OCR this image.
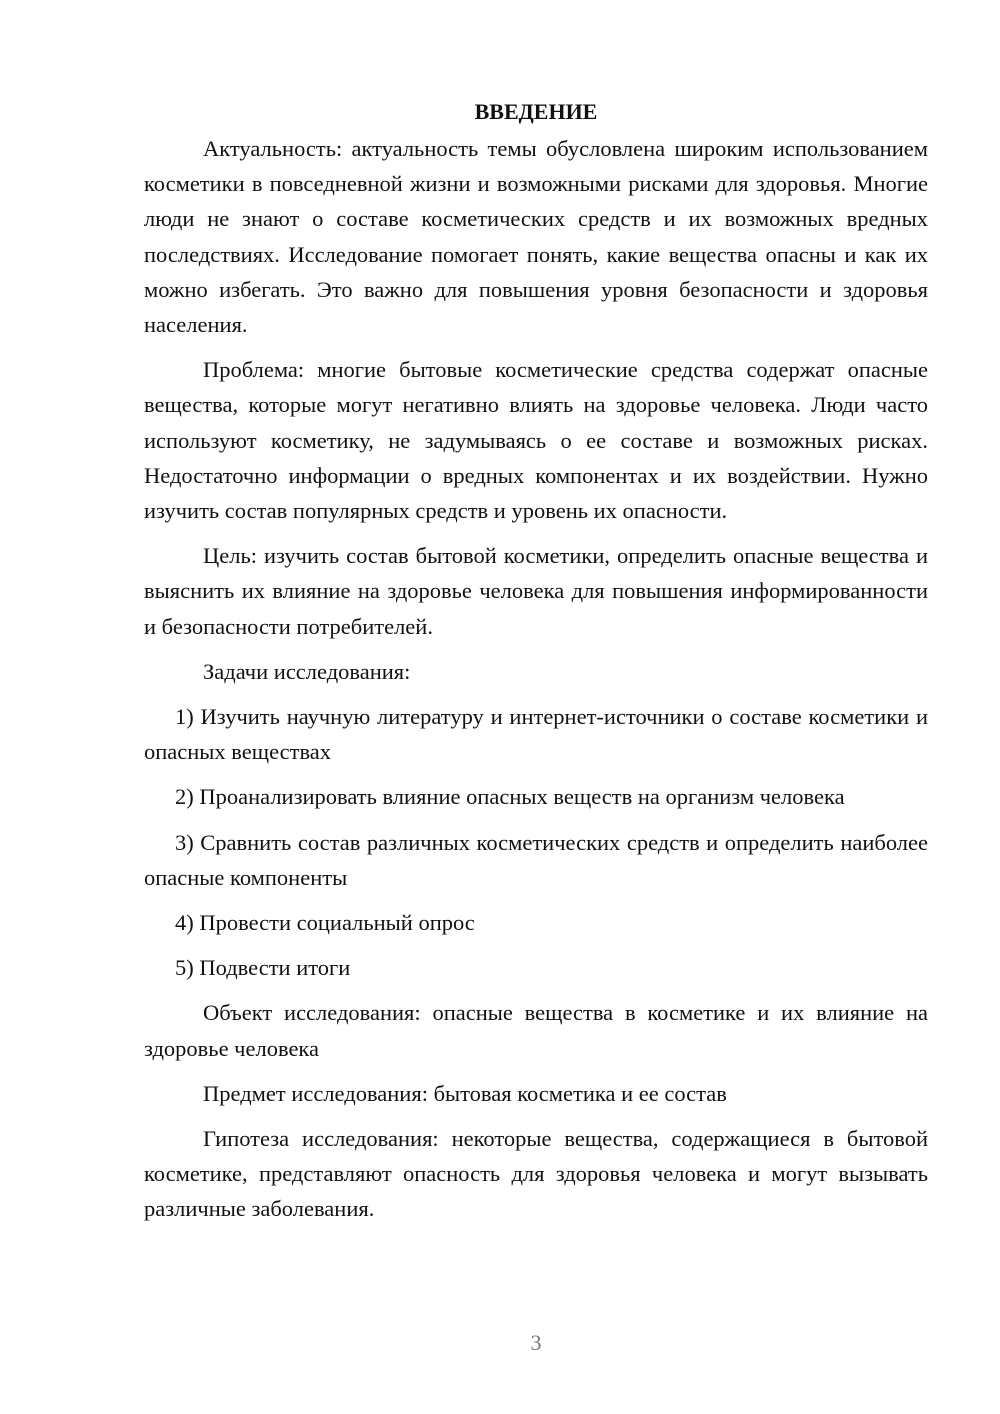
ВВЕДЕНИЕ

Актуальность: актуальность темы обусловлена широким использованием косметики в повседневной жизни и возможными рисками для здоровья. Многие люди не знают о составе косметических средств и их возможных вредных последствиях. Исследование помогает понять, какие вещества опасны и как их можно избегать. Это важно для повышения уровня безопасности и здоровья населения.

Проблема: многие бытовые косметические средства содержат опасные вещества, которые могут негативно влиять на здоровье человека. Люди часто используют косметику, не задумываясь о ее составе и возможных рисках. Недостаточно информации о вредных компонентах и их воздействии. Нужно изучить состав популярных средств и уровень их опасности.

Цель: изучить состав бытовой косметики, определить опасные вещества и выяснить их влияние на здоровье человека для повышения информированности и безопасности потребителей.

Задачи исследования:

1) Изучить научную литературу и интернет-источники о составе косметики и опасных веществах

2) Проанализировать влияние опасных веществ на организм человека

3) Сравнить состав различных косметических средств и определить наиболее опасные компоненты

4) Провести социальный опрос

5) Подвести итоги

Объект исследования: опасные вещества в косметике и их влияние на здоровье человека

Предмет исследования: бытовая косметика и ее состав

Гипотеза исследования: некоторые вещества, содержащиеся в бытовой косметике, представляют опасность для здоровья человека и могут вызывать различные заболевания.

3
